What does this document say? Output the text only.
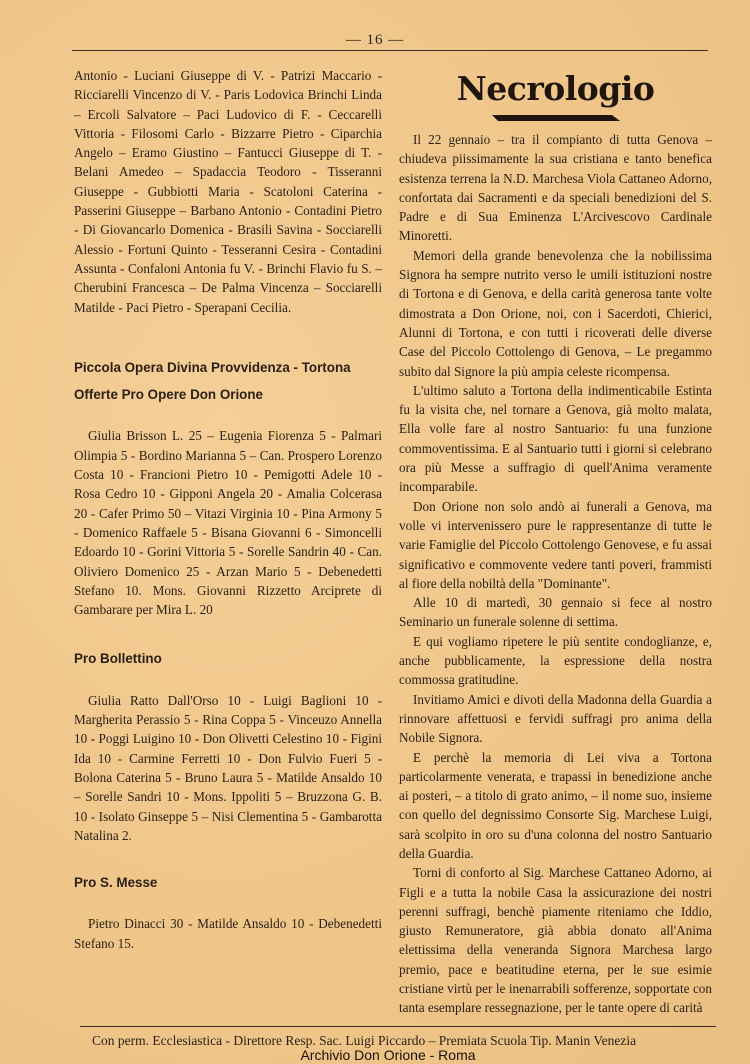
— 16 —

Antonio - Luciani Giuseppe di V. - Patrizi Maccario - Ricciarelli Vincenzo di V. - Paris Lodovica Brinchi Linda – Ercoli Salvatore – Paci Ludovico di F. - Ceccarelli Vittoria - Filosomi Carlo - Bizzarre Pietro - Ciparchia Angelo – Eramo Giustino – Fantucci Giuseppe di T. - Belani Amedeo – Spadaccia Teodoro - Tisseranni Giuseppe - Gubbiotti Maria - Scatoloni Caterina - Passerini Giuseppe – Barbano Antonio - Contadini Pietro - Di Giovancarlo Domenica - Brasili Savina - Socciarelli Alessio - Fortuni Quinto - Tesseranni Cesira - Contadini Assunta - Confaloni Antonia fu V. - Brinchi Flavio fu S. – Cherubini Francesca – De Palma Vincenza – Socciarelli Matilde - Paci Pietro - Sperapani Cecilia.

Piccola Opera Divina Provvidenza - Tortona

Offerte Pro Opere Don Orione

Giulia Brisson L. 25 – Eugenia Fiorenza 5 - Palmari Olimpia 5 - Bordino Marianna 5 – Can. Prospero Lorenzo Costa 10 - Francioni Pietro 10 - Pemigotti Adele 10 - Rosa Cedro 10 - Gipponi Angela 20 - Amalia Colcerasa 20 - Cafer Primo 50 – Vitazi Virginia 10 - Pina Armony 5 - Domenico Raffaele 5 - Bisana Giovanni 6 - Simoncelli Edoardo 10 - Gorini Vittoria 5 - Sorelle Sandrin 40 - Can. Oliviero Domenico 25 - Arzan Mario 5 - Debenedetti Stefano 10. Mons. Giovanni Rizzetto Arciprete di Gambarare per Mira L. 20

Pro Bollettino

Giulia Ratto Dall'Orso 10 - Luigi Baglioni 10 - Margherita Perassio 5 - Rina Coppa 5 - Vinceuzo Annella 10 - Poggi Luigino 10 - Don Olivetti Celestino 10 - Figini Ida 10 - Carmine Ferretti 10 - Don Fulvio Fueri 5 - Bolona Caterina 5 - Bruno Laura 5 - Matilde Ansaldo 10 – Sorelle Sandri 10 - Mons. Ippoliti 5 – Bruzzona G. B. 10 - Isolato Ginseppe 5 – Nisi Clementina 5 - Gambarotta Natalina 2.

Pro S. Messe

Pietro Dinacci 30 - Matilde Ansaldo 10 - Debenedetti Stefano 15.

Necrologio

Il 22 gennaio – tra il compianto di tutta Genova – chiudeva piissimamente la sua cristiana e tanto benefica esistenza terrena la N.D. Marchesa Viola Cattaneo Adorno, confortata dai Sacramenti e da speciali benedizioni del S. Padre e di Sua Eminenza L'Arcivescovo Cardinale Minoretti.

Memori della grande benevolenza che la nobilissima Signora ha sempre nutrito verso le umili istituzioni nostre di Tortona e di Genova, e della carità generosa tante volte dimostrata a Don Orione, noi, con i Sacerdoti, Chierici, Alunni di Tortona, e con tutti i ricoverati delle diverse Case del Piccolo Cottolengo di Genova, – Le pregammo subito dal Signore la più ampia celeste ricompensa.

L'ultimo saluto a Tortona della indimenticabile Estinta fu la visita che, nel tornare a Genova, già molto malata, Ella volle fare al nostro Santuario: fu una funzione commoventissima. E al Santuario tutti i giorni si celebrano ora più Messe a suffragio di quell'Anima veramente incomparabile.

Don Orione non solo andò ai funerali a Genova, ma volle vi intervenissero pure le rappresentanze di tutte le varie Famiglie del Piccolo Cottolengo Genovese, e fu assai significativo e commovente vedere tanti poveri, frammisti al fiore della nobiltà della "Dominante".

Alle 10 di martedì, 30 gennaio si fece al nostro Seminario un funerale solenne di settima.

E qui vogliamo ripetere le più sentite condoglianze, e, anche pubblicamente, la espressione della nostra commossa gratitudine.

Invitiamo Amici e divoti della Madonna della Guardia a rinnovare affettuosi e fervidi suffragi pro anima della Nobile Signora.

E perchè la memoria di Lei viva a Tortona particolarmente venerata, e trapassi in benedizione anche ai posteri, – a titolo di grato animo, – il nome suo, insieme con quello del degnissimo Consorte Sig. Marchese Luigi, sarà scolpito in oro su d'una colonna del nostro Santuario della Guardia.

Torni di conforto al Sig. Marchese Cattaneo Adorno, ai Figli e a tutta la nobile Casa la assicurazione dei nostri perenni suffragi, benchè piamente riteniamo che Iddio, giusto Remuneratore, già abbia donato all'Anima elettissima della veneranda Signora Marchesa largo premio, pace e beatitudine eterna, per le sue esimie cristiane virtù per le inenarrabili sofferenze, sopportate con tanta esemplare ressegnazione, per le tante opere di carità

Con perm. Ecclesiastica - Direttore Resp. Sac. Luigi Piccardo – Premiata Scuola Tip. Manin Venezia
Archivio Don Orione - Roma
